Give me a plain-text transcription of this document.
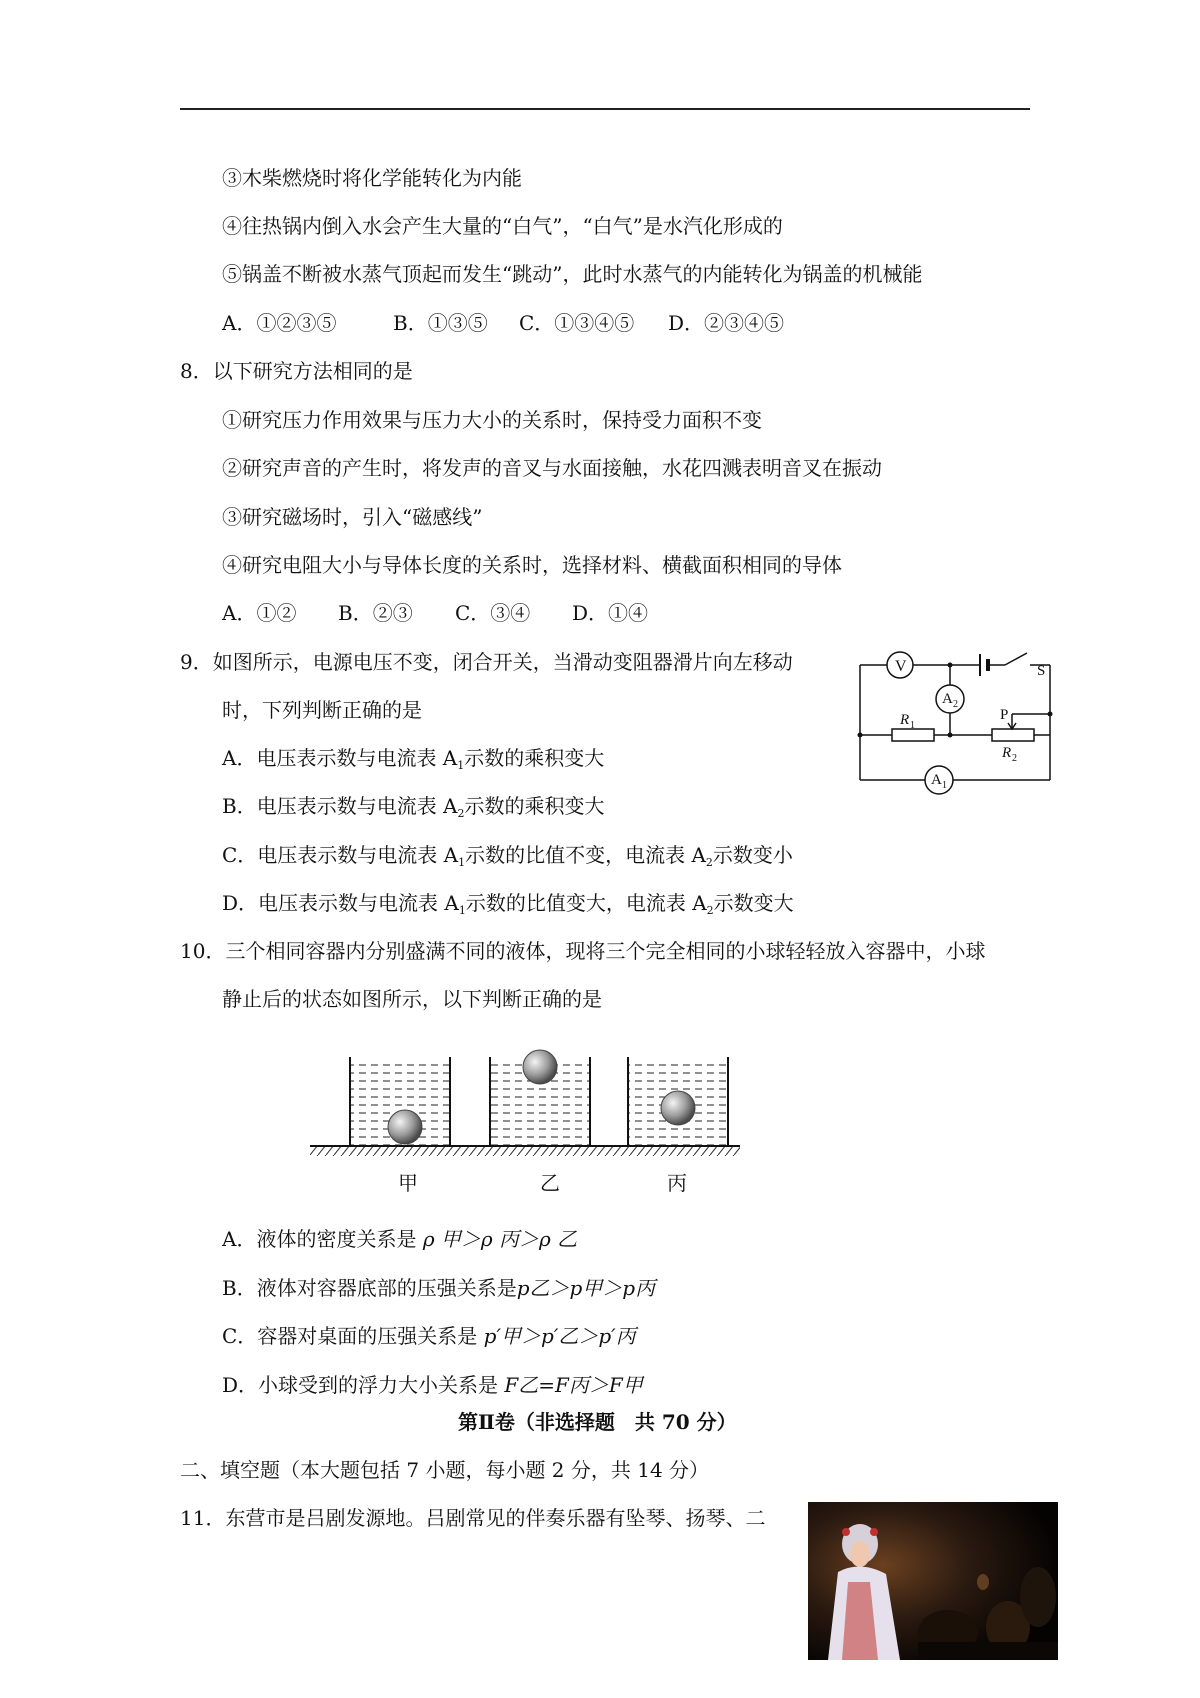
③木柴燃烧时将化学能转化为内能
④往热锅内倒入水会产生大量的“白气”，“白气”是水汽化形成的
⑤锅盖不断被水蒸气顶起而发生“跳动”，此时水蒸气的内能转化为锅盖的机械能
A．①②③⑤	B．①③⑤ C．①③④⑤ D．②③④⑤
8．以下研究方法相同的是
①研究压力作用效果与压力大小的关系时，保持受力面积不变
②研究声音的产生时，将发声的音叉与水面接触，水花四溅表明音叉在振动
③研究磁场时，引入“磁感线”
④研究电阻大小与导体长度的关系时，选择材料、横截面积相同的导体
A．①② B．②③ C．③④ D．①④
9．如图所示，电源电压不变，闭合开关，当滑动变阻器滑片向左移动
时，下列判断正确的是
A．电压表示数与电流表 $A_1$示数的乘积变大
B．电压表示数与电流表 $A_2$示数的乘积变大
C．电压表示数与电流表 $A_1$示数的比值不变，电流表 $A_2$示数变小
D．电压表示数与电流表 $A_1$示数的比值变大，电流表 $A_2$示数变大
V
A 2
A 1
S
P
R 1
R 2
10．三个相同容器内分别盛满不同的液体，现将三个完全相同的小球轻轻放入容器中，小球
静止后的状态如图所示，以下判断正确的是
甲	乙	丙
A．液体的密度关系是 ρ 甲＞ρ 丙＞ρ 乙
B．液体对容器底部的压强关系是p乙＞p甲＞p丙
C．容器对桌面的压强关系是 p′甲＞p′乙＞p′丙
D．小球受到的浮力大小关系是 F乙=F丙＞F甲
第Ⅱ卷（非选择题　共 70 分）
二、填空题（本大题包括 7 小题，每小题 2 分，共 14 分）
11．东营市是吕剧发源地。吕剧常见的伴奏乐器有坠琴、扬琴、二
